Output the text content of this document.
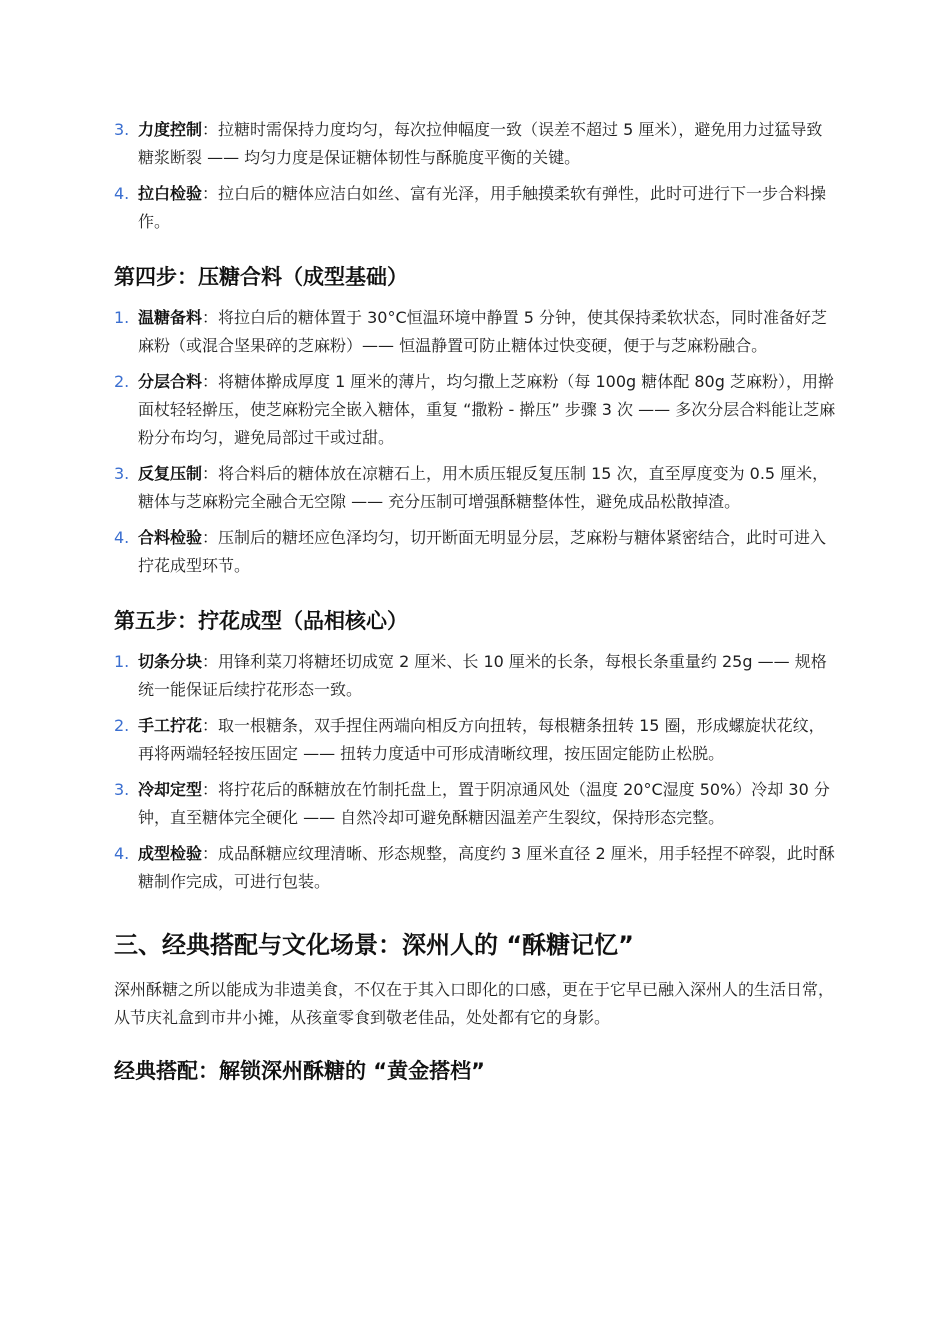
3. 力度控制：拉糖时需保持力度均匀，每次拉伸幅度一致（误差不超过 5 厘米），避免用力过猛导致糖浆断裂 —— 均匀力度是保证糖体韧性与酥脆度平衡的关键。
4. 拉白检验：拉白后的糖体应洁白如丝、富有光泽，用手触摸柔软有弹性，此时可进行下一步合料操作。
第四步：压糖合料（成型基础）
1. 温糖备料：将拉白后的糖体置于 30°C恒温环境中静置 5 分钟，使其保持柔软状态，同时准备好芝麻粉（或混合坚果碎的芝麻粉）—— 恒温静置可防止糖体过快变硬，便于与芝麻粉融合。
2. 分层合料：将糖体擀成厚度 1 厘米的薄片，均匀撒上芝麻粉（每 100g 糖体配 80g 芝麻粉），用擀面杖轻轻擀压，使芝麻粉完全嵌入糖体，重复 “撒粉 - 擀压” 步骤 3 次 —— 多次分层合料能让芝麻粉分布均匀，避免局部过干或过甜。
3. 反复压制：将合料后的糖体放在凉糖石上，用木质压辊反复压制 15 次，直至厚度变为 0.5 厘米，糖体与芝麻粉完全融合无空隙 —— 充分压制可增强酥糖整体性，避免成品松散掉渣。
4. 合料检验：压制后的糖坯应色泽均匀，切开断面无明显分层，芝麻粉与糖体紧密结合，此时可进入拧花成型环节。
第五步：拧花成型（品相核心）
1. 切条分块：用锋利菜刀将糖坯切成宽 2 厘米、长 10 厘米的长条，每根长条重量约 25g —— 规格统一能保证后续拧花形态一致。
2. 手工拧花：取一根糖条，双手捏住两端向相反方向扭转，每根糖条扭转 15 圈，形成螺旋状花纹，再将两端轻轻按压固定 —— 扭转力度适中可形成清晰纹理，按压固定能防止松脱。
3. 冷却定型：将拧花后的酥糖放在竹制托盘上，置于阴凉通风处（温度 20°C湿度 50%）冷却 30 分钟，直至糖体完全硬化 —— 自然冷却可避免酥糖因温差产生裂纹，保持形态完整。
4. 成型检验：成品酥糖应纹理清晰、形态规整，高度约 3 厘米直径 2 厘米，用手轻捏不碎裂，此时酥糖制作完成，可进行包装。
三、经典搭配与文化场景：深州人的 “酥糖记忆”

深州酥糖之所以能成为非遗美食，不仅在于其入口即化的口感，更在于它早已融入深州人的生活日常，从节庆礼盒到市井小摊，从孩童零食到敬老佳品，处处都有它的身影。

经典搭配：解锁深州酥糖的 “黄金搭档”
